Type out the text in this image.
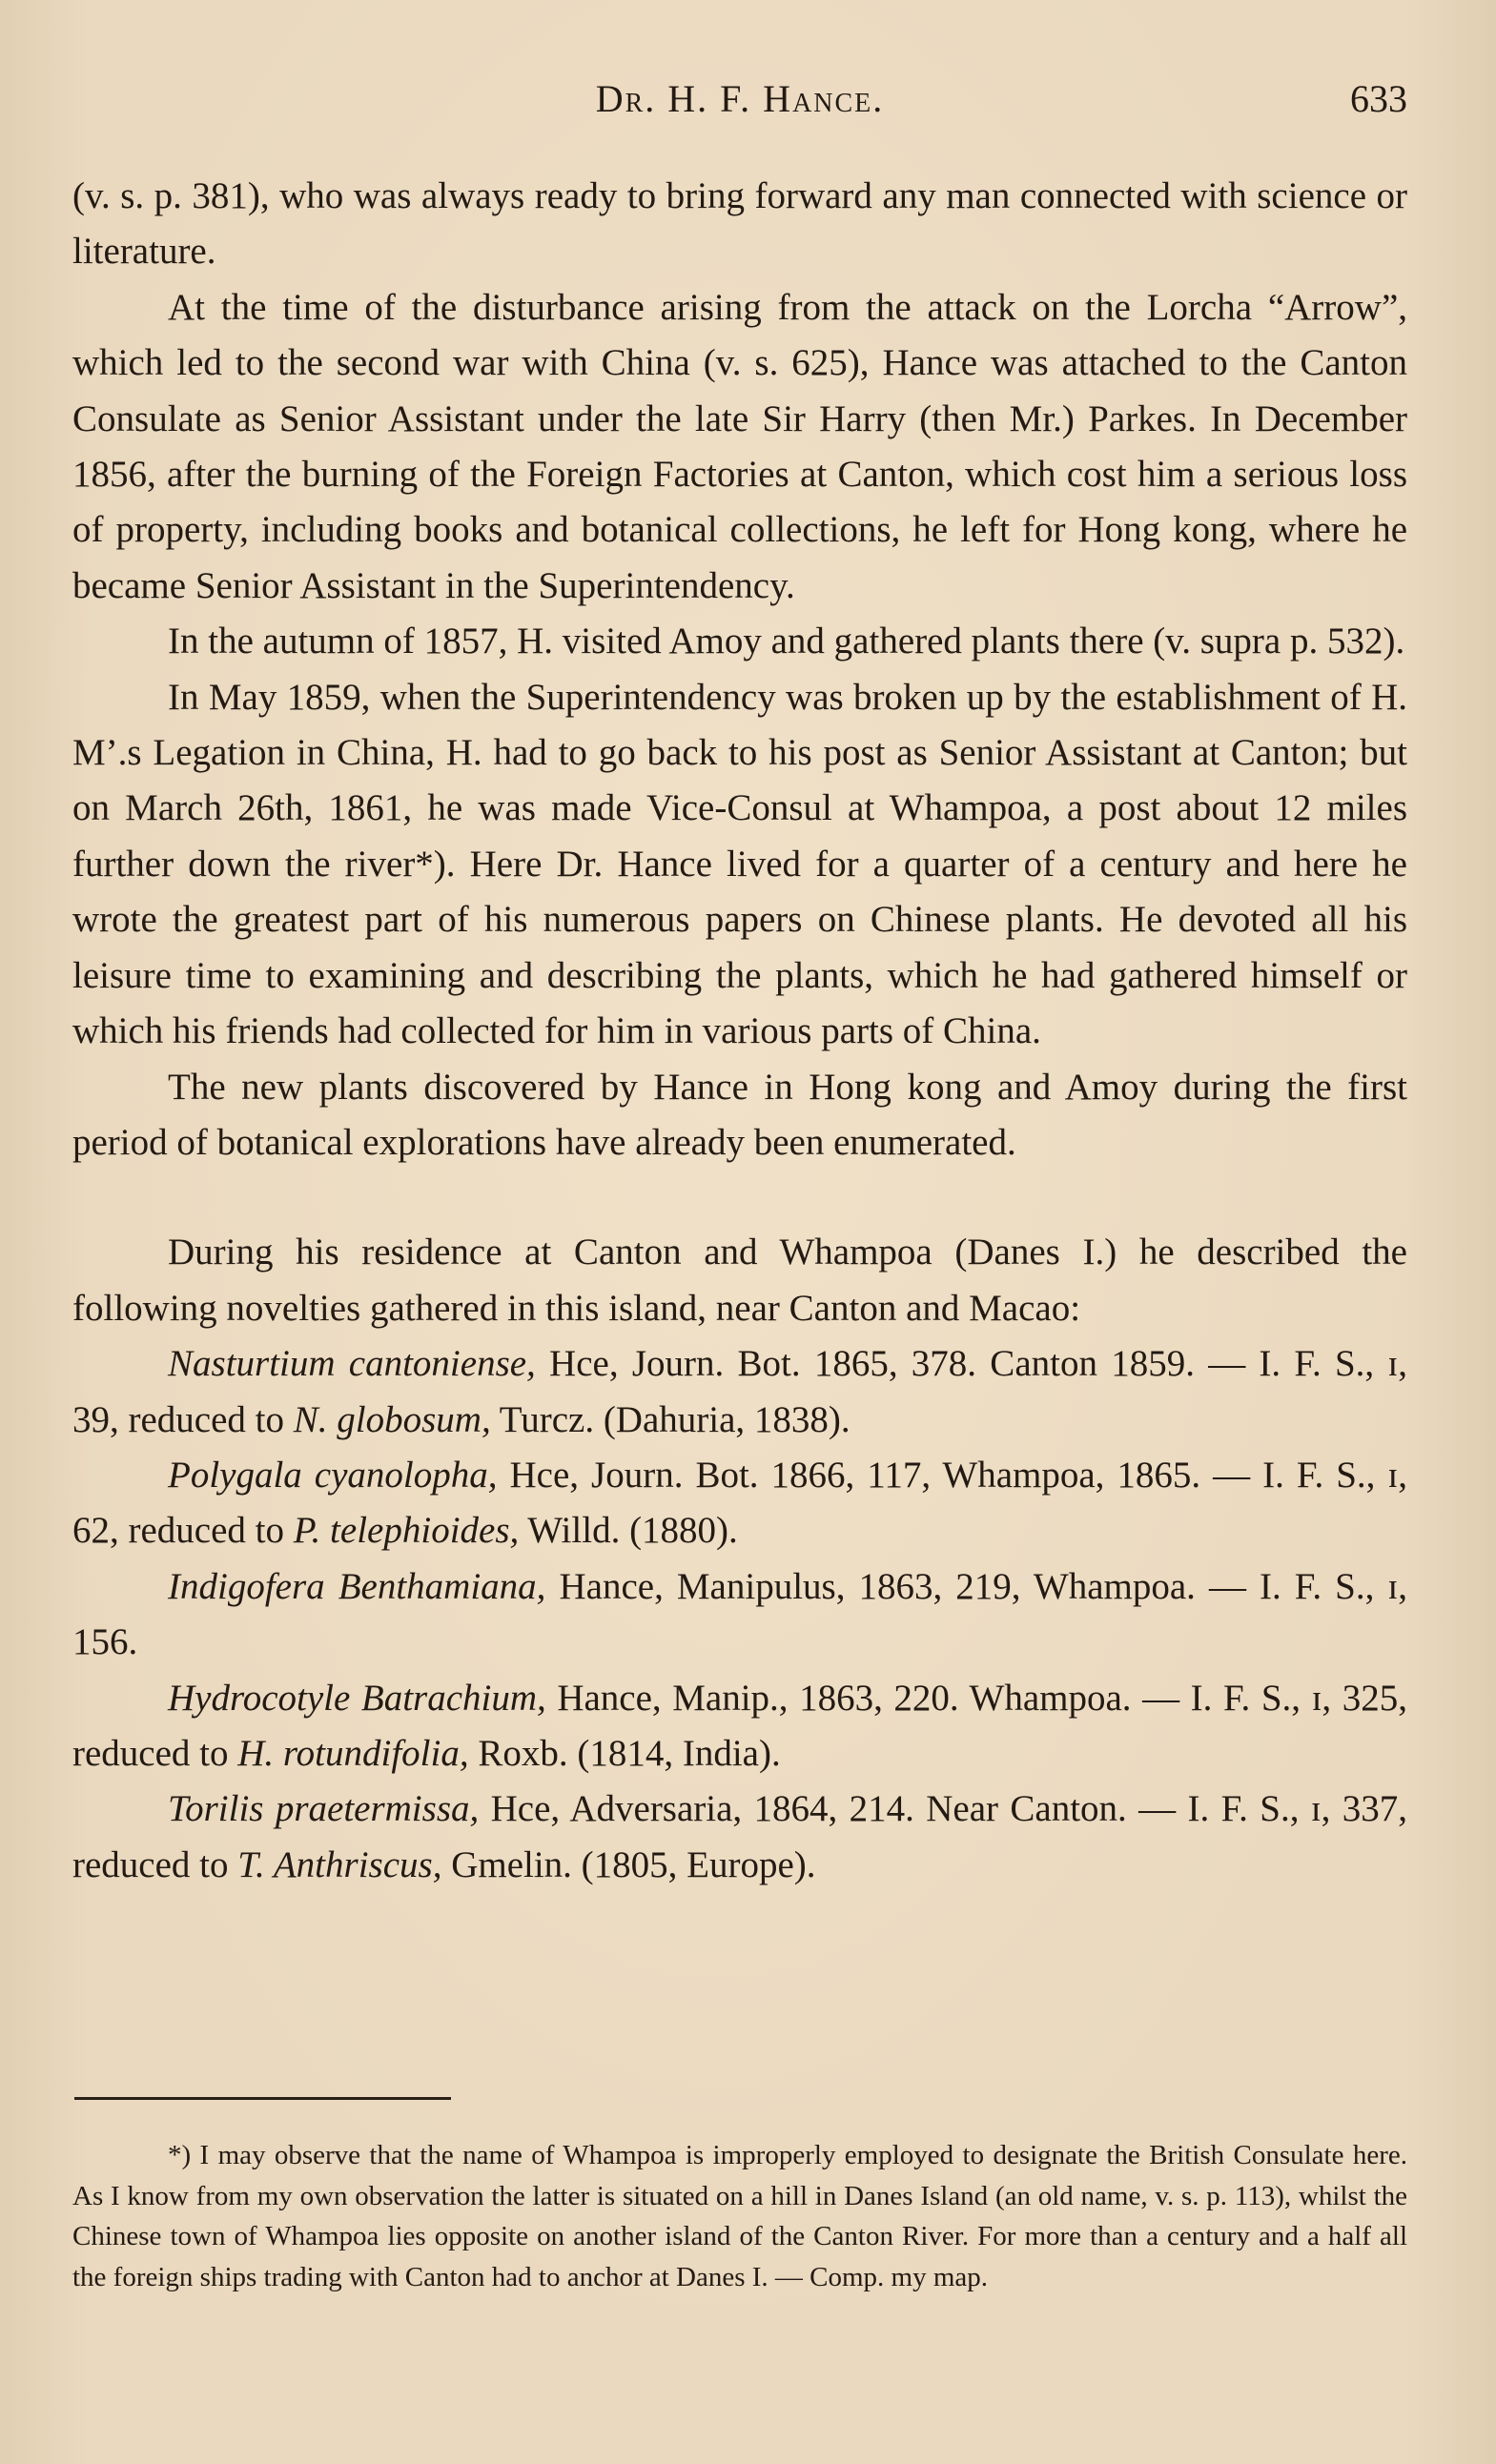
Dr. H. F. Hance.	633

(v. s. p. 381), who was always ready to bring forward any man connected with science or literature.

At the time of the disturbance arising from the attack on the Lorcha “Arrow”, which led to the second war with China (v. s. 625), Hance was attached to the Canton Consulate as Senior Assistant under the late Sir Harry (then Mr.) Parkes. In December 1856, after the burning of the Foreign Factories at Canton, which cost him a serious loss of property, including books and botanical collections, he left for Hong kong, where he became Senior Assistant in the Superintendency.

In the autumn of 1857, H. visited Amoy and gathered plants there (v. supra p. 532).

In May 1859, when the Superintendency was broken up by the establishment of H. M’.s Legation in China, H. had to go back to his post as Senior Assistant at Canton; but on March 26th, 1861, he was made Vice-Consul at Whampoa, a post about 12 miles further down the river*). Here Dr. Hance lived for a quarter of a century and here he wrote the greatest part of his numerous papers on Chinese plants. He devoted all his leisure time to examining and describing the plants, which he had gathered himself or which his friends had collected for him in various parts of China.

The new plants discovered by Hance in Hong kong and Amoy during the first period of botanical explorations have already been enumerated.

During his residence at Canton and Whampoa (Danes I.) he described the following novelties gathered in this island, near Canton and Macao:

Nasturtium cantoniense, Hce, Journ. Bot. 1865, 378. Canton 1859. — I. F. S., ɪ, 39, reduced to N. globosum, Turcz. (Dahuria, 1838).

Polygala cyanolopha, Hce, Journ. Bot. 1866, 117, Whampoa, 1865. — I. F. S., ɪ, 62, reduced to P. telephioides, Willd. (1880).

Indigofera Benthamiana, Hance, Manipulus, 1863, 219, Whampoa. — I. F. S., ɪ, 156.

Hydrocotyle Batrachium, Hance, Manip., 1863, 220. Whampoa. — I. F. S., ɪ, 325, reduced to H. rotundifolia, Roxb. (1814, India).

Torilis praetermissa, Hce, Adversaria, 1864, 214. Near Canton. — I. F. S., ɪ, 337, reduced to T. Anthriscus, Gmelin. (1805, Europe).

*) I may observe that the name of Whampoa is improperly employed to designate the British Consulate here. As I know from my own observation the latter is situated on a hill in Danes Island (an old name, v. s. p. 113), whilst the Chinese town of Whampoa lies opposite on another island of the Canton River. For more than a century and a half all the foreign ships trading with Canton had to anchor at Danes I. — Comp. my map.
